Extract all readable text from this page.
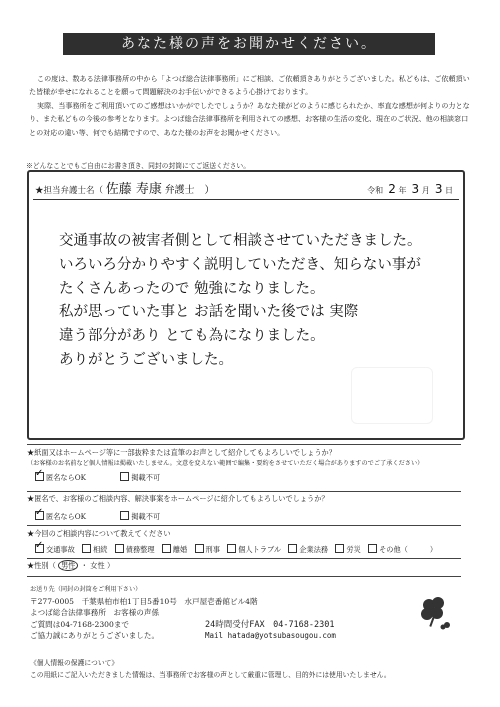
あなた様の声をお聞かせください。

この度は、数ある法律事務所の中から「よつば総合法律事務所」にご相談、ご依頼頂きありがとうございました。私どもは、ご依頼頂いた皆様が幸せになれることを願って問題解決のお手伝いができるよう心掛けております。

実際、当事務所をご利用頂いてのご感想はいかがでしたでしょうか？あなた様がどのように感じられたか、率直な感想が何よりの力となり、また私どもの今後の参考となります。よつば総合法律事務所を利用されての感想、お客様の生活の変化、現在のご状況、他の相談窓口との対応の違い等、何でも結構ですので、あなた様のお声をお聞かせください。

※どんなことでもご自由にお書き頂き、同封の封筒にてご返送ください。
★担当弁護士名（ 佐藤 寿康 弁護士　）	令和 2 年 3 月 3 日
交通事故の被害者側として相談させていただきました。
いろいろ分かりやすく説明していただき、知らない事が
たくさんあったので 勉強になりました。
私が思っていた事と お話を聞いた後では 実際
違う部分があり とても為になりました。
ありがとうございました。
★紙面又はホームページ等に一部抜粋または直筆のお声として紹介してもよろしいでしょうか？
（お客様のお名前など個人情報は掲載いたしません。文意を変えない範囲で編集・要約をさせていただく場合がありますのでご了承ください）
✓匿名ならOK	掲載不可
★匿名で、お客様のご相談内容、解決事案をホームページに紹介してもよろしいでしょうか？
✓匿名ならOK	掲載不可
★今回のご相談内容について教えてください
✓交通事故	相続	債務整理	離婚	刑事	個人トラブル	企業法務	労災	その他（	）
★性別（ 男性 ・ 女性 ）
お送り先（同封の封筒をご利用下さい）
〒277-0005　千葉県柏市柏1丁目5番10号　水戸屋壱番館ビル4階
よつば総合法律事務所　お客様の声係
ご質問は04-7168-2300まで
ご協力誠にありがとうございました。
24時間受付FAX　04-7168-2301
Mail hatada@yotsubasougou.com
《個人情報の保護について》
この用紙にご記入いただきました情報は、当事務所でお客様の声として厳重に管理し、目的外には使用いたしません。
